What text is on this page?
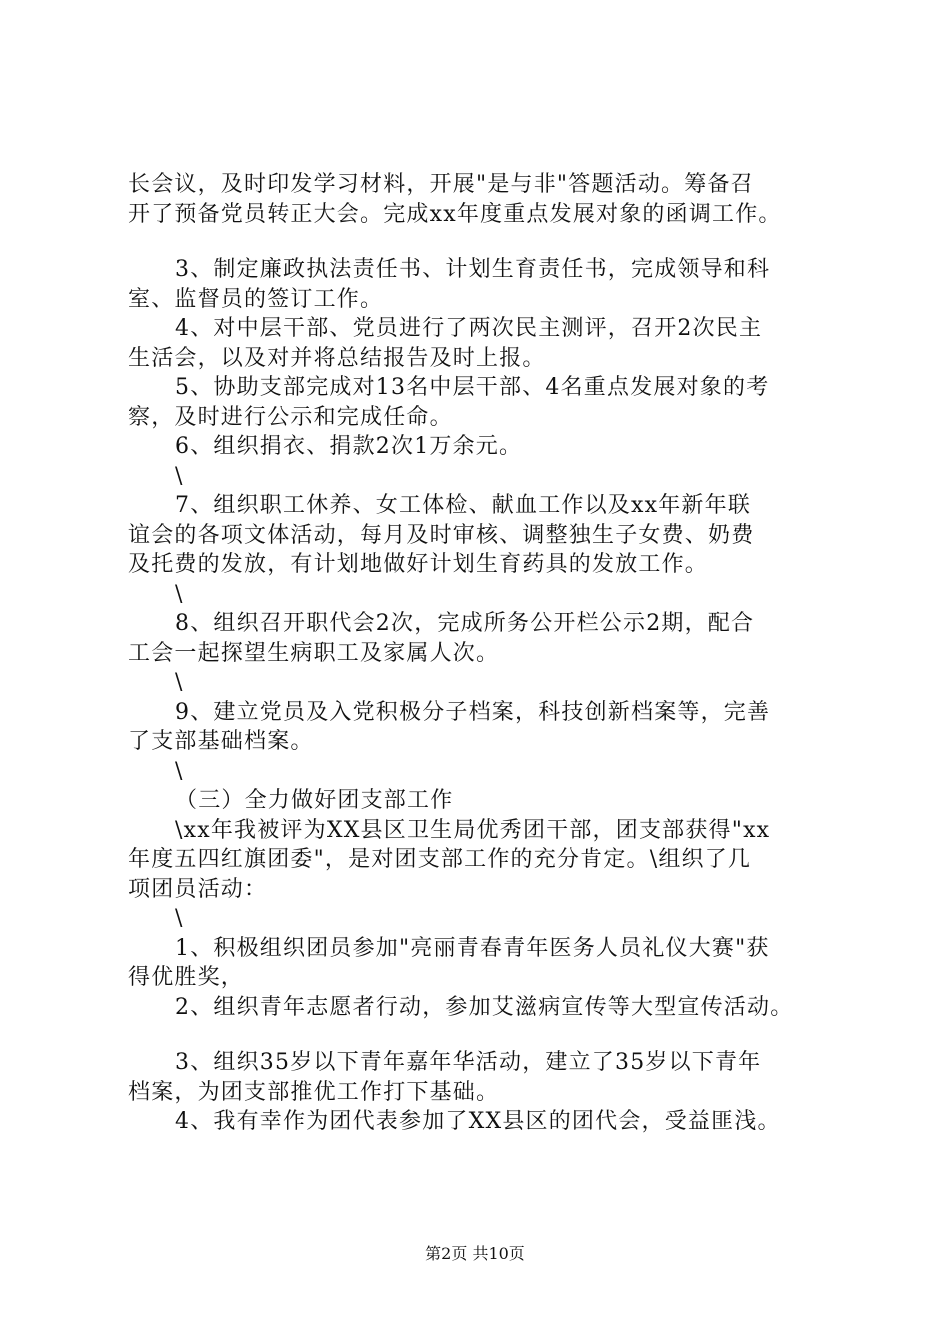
长会议，及时印发学习材料，开展"是与非"答题活动。筹备召
开了预备党员转正大会。完成xx年度重点发展对象的函调工作。
3、制定廉政执法责任书、计划生育责任书，完成领导和科
室、监督员的签订工作。
4、对中层干部、党员进行了两次民主测评，召开2次民主
生活会，以及对并将总结报告及时上报。
5、协助支部完成对13名中层干部、4名重点发展对象的考
察，及时进行公示和完成任命。
6、组织捐衣、捐款2次1万余元。
\
7、组织职工休养、女工体检、献血工作以及xx年新年联
谊会的各项文体活动，每月及时审核、调整独生子女费、奶费
及托费的发放，有计划地做好计划生育药具的发放工作。
\
8、组织召开职代会2次，完成所务公开栏公示2期，配合
工会一起探望生病职工及家属人次。
\
9、建立党员及入党积极分子档案，科技创新档案等，完善
了支部基础档案。
\
（三）全力做好团支部工作
\xx年我被评为XX县区卫生局优秀团干部，团支部获得"xx
年度五四红旗团委"，是对团支部工作的充分肯定。\组织了几
项团员活动：
\
1、积极组织团员参加"亮丽青春青年医务人员礼仪大赛"获
得优胜奖，
2、组织青年志愿者行动，参加艾滋病宣传等大型宣传活动。
3、组织35岁以下青年嘉年华活动，建立了35岁以下青年
档案，为团支部推优工作打下基础。
4、我有幸作为团代表参加了XX县区的团代会，受益匪浅。
第2页 共10页
